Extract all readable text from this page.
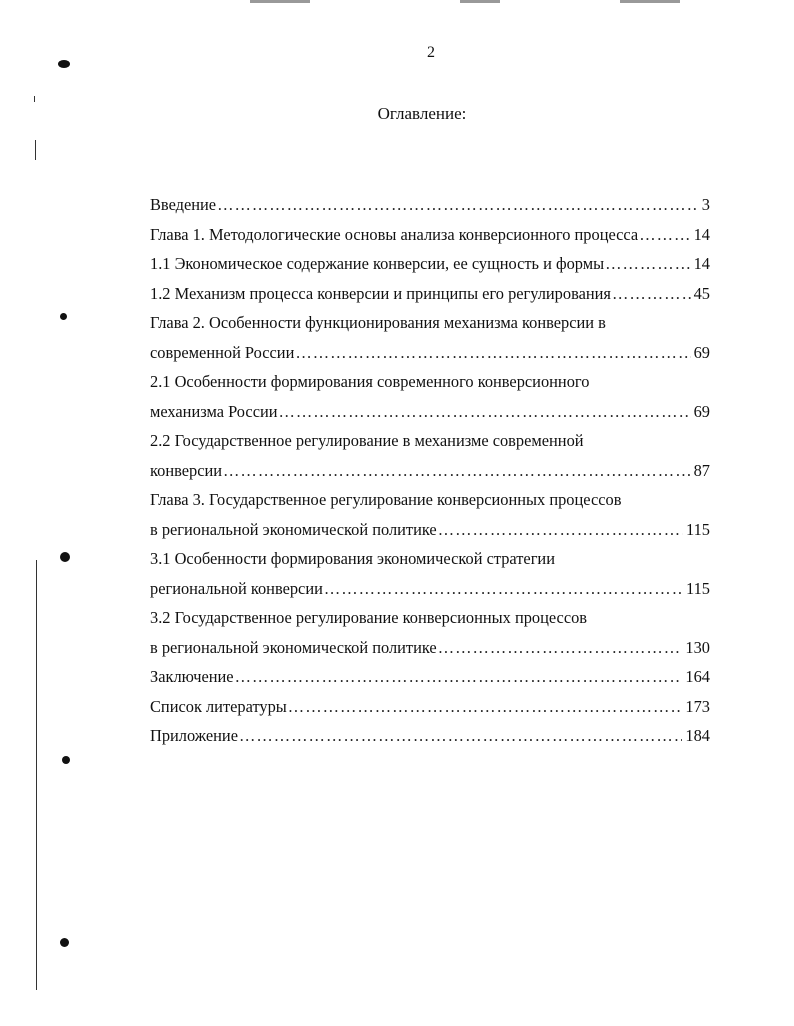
2
Оглавление:
Введение ……………………………………………………………………………………………………………………………………………………	3
Глава 1. Методологические основы анализа конверсионного процесса ……………………………………………………………………………………………………………………………………………………	14
1.1 Экономическое содержание конверсии, ее сущность и формы ……………………………………………………………………………………………………………………………………………………	14
1.2 Механизм процесса конверсии и принципы его регулирования ……………………………………………………………………………………………………………………………………………………	45
Глава 2. Особенности функционирования механизма конверсии в
современной России ……………………………………………………………………………………………………………………………………………………	69
2.1 Особенности формирования современного конверсионного
механизма России ……………………………………………………………………………………………………………………………………………………	69
2.2 Государственное регулирование в механизме современной
конверсии ……………………………………………………………………………………………………………………………………………………	87
Глава 3. Государственное регулирование конверсионных процессов
в региональной экономической политике ……………………………………………………………………………………………………………………………………………………	115
3.1 Особенности формирования экономической стратегии
региональной конверсии ……………………………………………………………………………………………………………………………………………………	115
3.2 Государственное регулирование конверсионных процессов
в региональной экономической политике ……………………………………………………………………………………………………………………………………………………	130
Заключение ……………………………………………………………………………………………………………………………………………………	164
Список литературы ……………………………………………………………………………………………………………………………………………………	173
Приложение ……………………………………………………………………………………………………………………………………………………	184
